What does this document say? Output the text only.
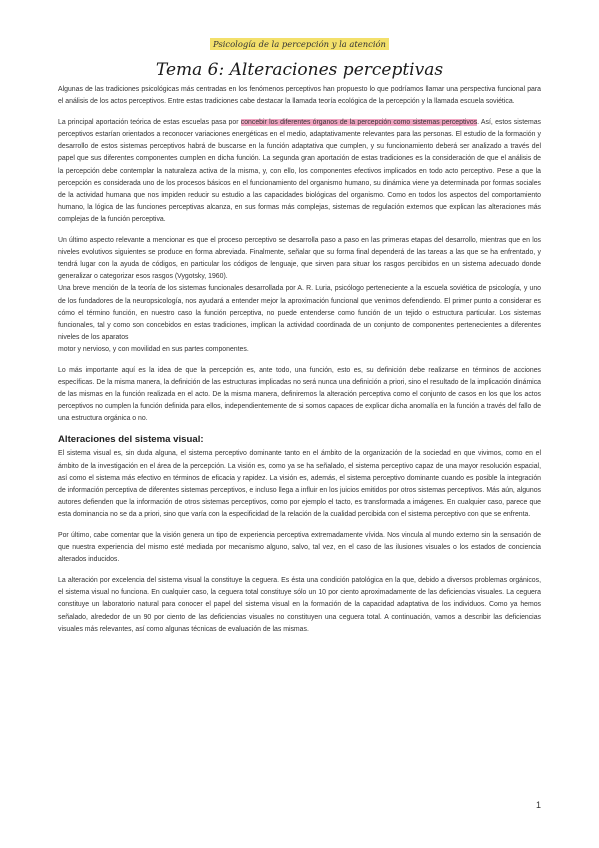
Psicología de la percepción y la atención
Tema 6: Alteraciones perceptivas

Algunas de las tradiciones psicológicas más centradas en los fenómenos perceptivos han propuesto lo que podríamos llamar una perspectiva funcional para el análisis de los actos perceptivos. Entre estas tradiciones cabe destacar la llamada teoría ecológica de la percepción y la llamada escuela soviética.

La principal aportación teórica de estas escuelas pasa por concebir los diferentes órganos de la percepción como sistemas perceptivos. Así, estos sistemas perceptivos estarían orientados a reconocer variaciones energéticas en el medio, adaptativamente relevantes para las personas. El estudio de la formación y desarrollo de estos sistemas perceptivos habrá de buscarse en la función adaptativa que cumplen, y su funcionamiento deberá ser analizado a través del papel que sus diferentes componentes cumplen en dicha función. La segunda gran aportación de estas tradiciones es la consideración de que el análisis de la percepción debe contemplar la naturaleza activa de la misma, y, con ello, los componentes efectivos implicados en todo acto perceptivo. Pese a que la percepción es considerada uno de los procesos básicos en el funcionamiento del organismo humano, su dinámica viene ya determinada por formas sociales de la actividad humana que nos impiden reducir su estudio a las capacidades biológicas del organismo. Como en todos los aspectos del comportamiento humano, la lógica de las funciones perceptivas alcanza, en sus formas más complejas, sistemas de regulación externos que explican las alteraciones más complejas de la función perceptiva.

Un último aspecto relevante a mencionar es que el proceso perceptivo se desarrolla paso a paso en las primeras etapas del desarrollo, mientras que en los niveles evolutivos siguientes se produce en forma abreviada. Finalmente, señalar que su forma final dependerá de las tareas a las que se ha enfrentado, y tendrá lugar con la ayuda de códigos, en particular los códigos de lenguaje, que sirven para situar los rasgos percibidos en un sistema adecuado donde generalizar o categorizar esos rasgos (Vygotsky, 1960).

Una breve mención de la teoría de los sistemas funcionales desarrollada por A. R. Luria, psicólogo perteneciente a la escuela soviética de psicología, y uno de los fundadores de la neuropsicología, nos ayudará a entender mejor la aproximación funcional que venimos defendiendo. El primer punto a considerar es cómo el término función, en nuestro caso la función perceptiva, no puede entenderse como función de un tejido o estructura particular. Los sistemas funcionales, tal y como son concebidos en estas tradiciones, implican la actividad coordinada de un conjunto de componentes pertenecientes a diferentes niveles de los aparatos

motor y nervioso, y con movilidad en sus partes componentes.

Lo más importante aquí es la idea de que la percepción es, ante todo, una función, esto es, su definición debe realizarse en términos de acciones específicas. De la misma manera, la definición de las estructuras implicadas no será nunca una definición a priori, sino el resultado de la implicación dinámica de las mismas en la función realizada en el acto. De la misma manera, definiremos la alteración perceptiva como el conjunto de casos en los que los actos perceptivos no cumplen la función definida para ellos, independientemente de si somos capaces de explicar dicha anomalía en la función a través del fallo de una estructura orgánica o no.

Alteraciones del sistema visual:

El sistema visual es, sin duda alguna, el sistema perceptivo dominante tanto en el ámbito de la organización de la sociedad en que vivimos, como en el ámbito de la investigación en el área de la percepción. La visión es, como ya se ha señalado, el sistema perceptivo capaz de una mayor resolución espacial, así como el sistema más efectivo en términos de eficacia y rapidez. La visión es, además, el sistema perceptivo dominante cuando es posible la integración de información perceptiva de diferentes sistemas perceptivos, e incluso llega a influir en los juicios emitidos por otros sistemas perceptivos. Más aún, algunos autores defienden que la información de otros sistemas perceptivos, como por ejemplo el tacto, es transformada a imágenes. En cualquier caso, parece que esta dominancia no se da a priori, sino que varía con la especificidad de la relación de la cualidad percibida con el sistema perceptivo con que se enfrenta.

Por último, cabe comentar que la visión genera un tipo de experiencia perceptiva extremadamente vívida. Nos vincula al mundo externo sin la sensación de que nuestra experiencia del mismo esté mediada por mecanismo alguno, salvo, tal vez, en el caso de las ilusiones visuales o los estados de conciencia alterados inducidos.

La alteración por excelencia del sistema visual la constituye la ceguera. Es ésta una condición patológica en la que, debido a diversos problemas orgánicos, el sistema visual no funciona. En cualquier caso, la ceguera total constituye sólo un 10 por ciento aproximadamente de las deficiencias visuales. La ceguera constituye un laboratorio natural para conocer el papel del sistema visual en la formación de la capacidad adaptativa de los individuos. Como ya hemos señalado, alrededor de un 90 por ciento de las deficiencias visuales no constituyen una ceguera total. A continuación, vamos a describir las deficiencias visuales más relevantes, así como algunas técnicas de evaluación de las mismas.

1
